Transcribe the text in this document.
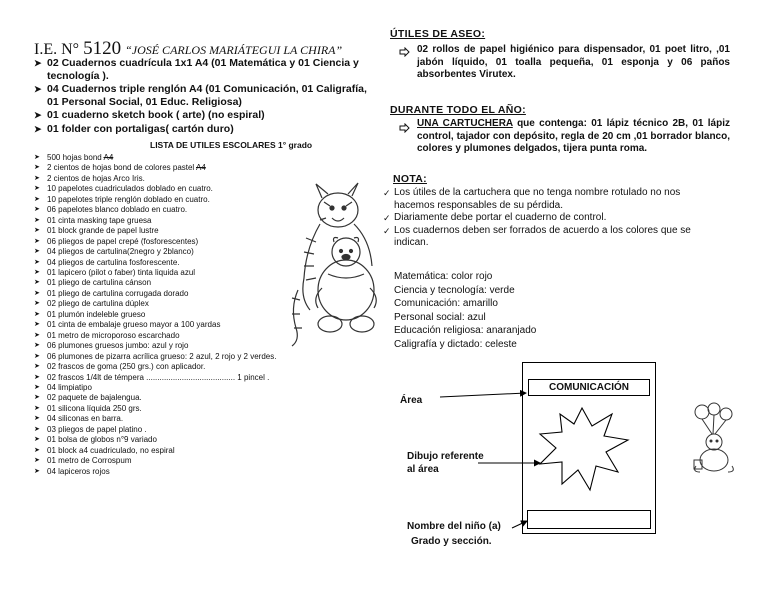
I.E. N° 5120 “JOSÉ CARLOS MARIÁTEGUI LA CHIRA”
➤ 02 Cuadernos cuadrícula 1x1 A4 (01 Matemática y 01 Ciencia y tecnología ).
➤ 04 Cuadernos triple renglón A4 (01 Comunicación, 01 Caligrafía, 01 Personal Social, 01 Educ. Religiosa)
➤ 01 cuaderno sketch book ( arte) (no espiral)
➤ 01 folder con portaligas( cartón duro)
LISTA DE UTILES ESCOLARES 1° grado
➤ 500 hojas bond A4
➤ 2 cientos de hojas bond de colores pastel A4
➤ 2 cientos de hojas Arco Iris.
➤ 10 papelotes cuadriculados doblado en cuatro.
➤ 10 papelotes triple renglón doblado en cuatro.
➤ 06 papelotes blanco doblado en cuatro.
➤ 01 cinta masking tape gruesa
➤ 01 block grande de papel lustre
➤ 06 pliegos de papel crepé (fosforescentes)
➤ 04 pliegos de cartulina(2negro y 2blanco)
➤ 04 pliegos de cartulina fosforescente.
➤ 01 lapicero (pilot o faber) tinta liquida azul
➤ 01 pliego de cartulina cánson
➤ 01 pliego de cartulina corrugada dorado
➤ 02 pliego de cartulina dúplex
➤ 01 plumón indeleble grueso
➤ 01 cinta de embalaje grueso mayor a 100 yardas
➤ 01 metro de microporoso escarchado
➤ 06 plumones gruesos jumbo: azul y rojo
➤ 06 plumones de pizarra acrílica grueso: 2 azul, 2 rojo y 2 verdes.
➤ 02 frascos de goma (250 grs.) con aplicador.
➤ 02 frascos 1/4lt de témpera ........................................ 1 pincel .
➤ 04 limpiatipo
➤ 02 paquete de bajalengua.
➤ 01 silicona líquida 250 grs.
➤ 04 siliconas en barra.
➤ 03 pliegos de papel platino .
➤ 01 bolsa de globos n°9 variado
➤ 01 block a4 cuadriculado, no espiral
➤ 01 metro de Corrospum
➤ 04 lapiceros rojos
ÚTILES DE ASEO:
02 rollos de papel higiénico para dispensador, 01 poet litro, ,01 jabón líquido, 01 toalla pequeña, 01 esponja y 06 paños absorbentes Virutex.
DURANTE TODO EL AÑO:
UNA CARTUCHERA que contenga: 01 lápiz técnico 2B, 01 lápiz control, tajador con depósito, regla de 20 cm ,01 borrador blanco, colores y plumones delgados, tijera punta roma.
NOTA:
✓ Los útiles de la cartuchera que no tenga nombre rotulado no nos hacemos responsables de su pérdida.
✓ Diariamente debe portar el cuaderno de control.
✓ Los cuadernos deben ser forrados de acuerdo a los colores que se indican.
Matemática: color rojo
Ciencia y tecnología: verde
Comunicación: amarillo
Personal social: azul
Educación religiosa: anaranjado
Caligrafía y dictado: celeste
COMUNICACIÓN
Área
Dibujo referente
al área
Nombre del niño (a)
Grado y sección.
